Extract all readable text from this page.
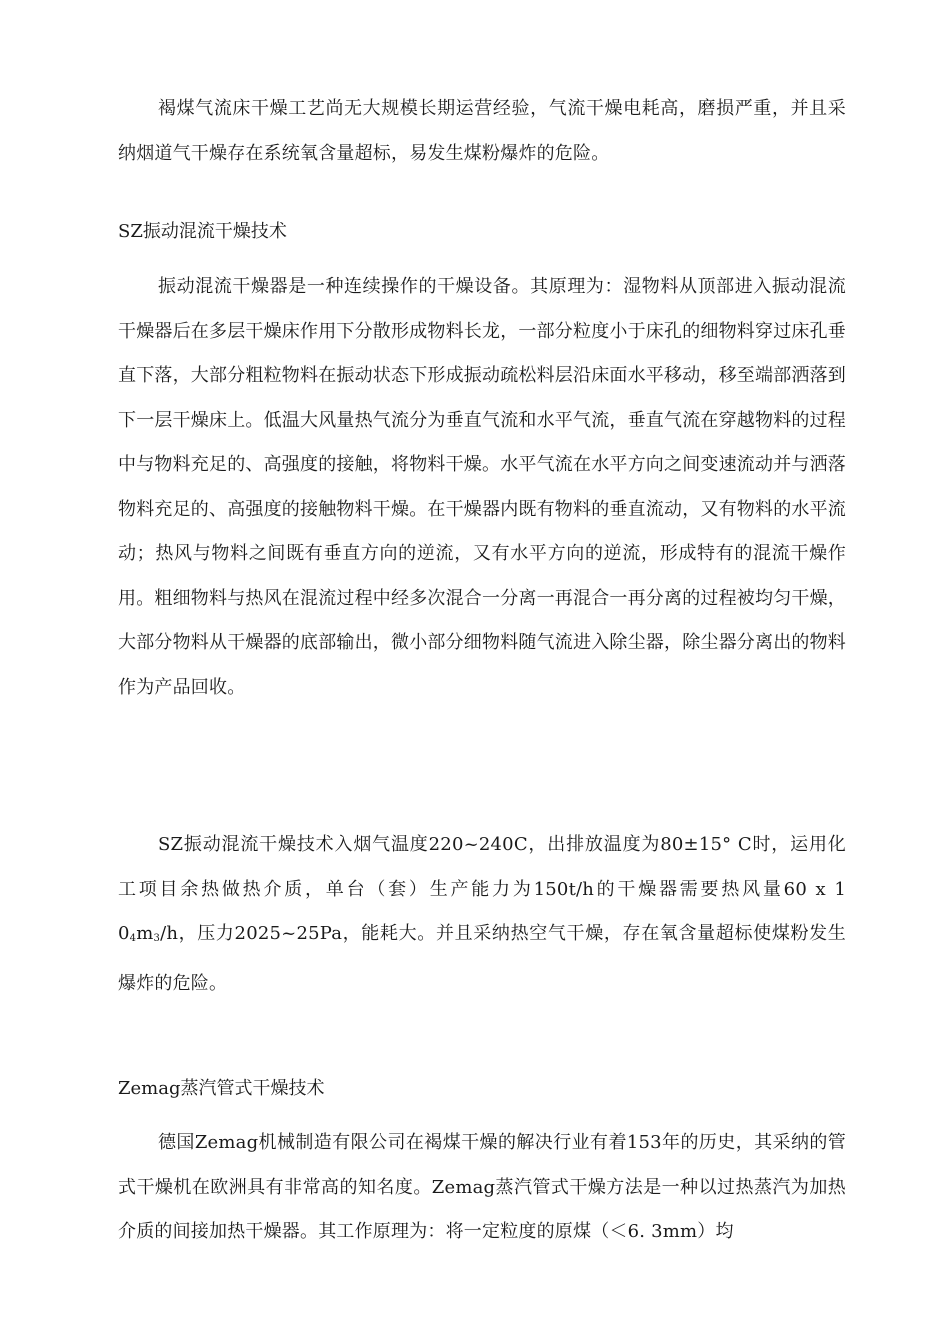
褐煤气流床干燥工艺尚无大规模长期运营经验，气流干燥电耗高，磨损严重，并且采纳烟道气干燥存在系统氧含量超标，易发生煤粉爆炸的危险。

SZ振动混流干燥技术

振动混流干燥器是一种连续操作的干燥设备。其原理为：湿物料从顶部进入振动混流干燥器后在多层干燥床作用下分散形成物料长龙，一部分粒度小于床孔的细物料穿过床孔垂直下落，大部分粗粒物料在振动状态下形成振动疏松料层沿床面水平移动，移至端部洒落到下一层干燥床上。低温大风量热气流分为垂直气流和水平气流，垂直气流在穿越物料的过程中与物料充足的、高强度的接触，将物料干燥。水平气流在水平方向之间变速流动并与洒落物料充足的、高强度的接触物料干燥。在干燥器内既有物料的垂直流动，又有物料的水平流动；热风与物料之间既有垂直方向的逆流，又有水平方向的逆流，形成特有的混流干燥作用。粗细物料与热风在混流过程中经多次混合一分离一再混合一再分离的过程被均匀干燥，大部分物料从干燥器的底部输出，微小部分细物料随气流进入除尘器，除尘器分离出的物料作为产品回收。

SZ振动混流干燥技术入烟气温度220~240C，出排放温度为80±15° C时，运用化工项目余热做热介质，单台（套）生产能力为150t/h的干燥器需要热风量60 x 1 $0_4m_3/h$，压力2025~25Pa，能耗大。并且采纳热空气干燥，存在氧含量超标使煤粉发生爆炸的危险。

Zemag蒸汽管式干燥技术

德国Zemag机械制造有限公司在褐煤干燥的解决行业有着153年的历史，其采纳的管式干燥机在欧洲具有非常高的知名度。Zemag蒸汽管式干燥方法是一种以过热蒸汽为加热介质的间接加热干燥器。其工作原理为：将一定粒度的原煤（＜6. 3mm）均
